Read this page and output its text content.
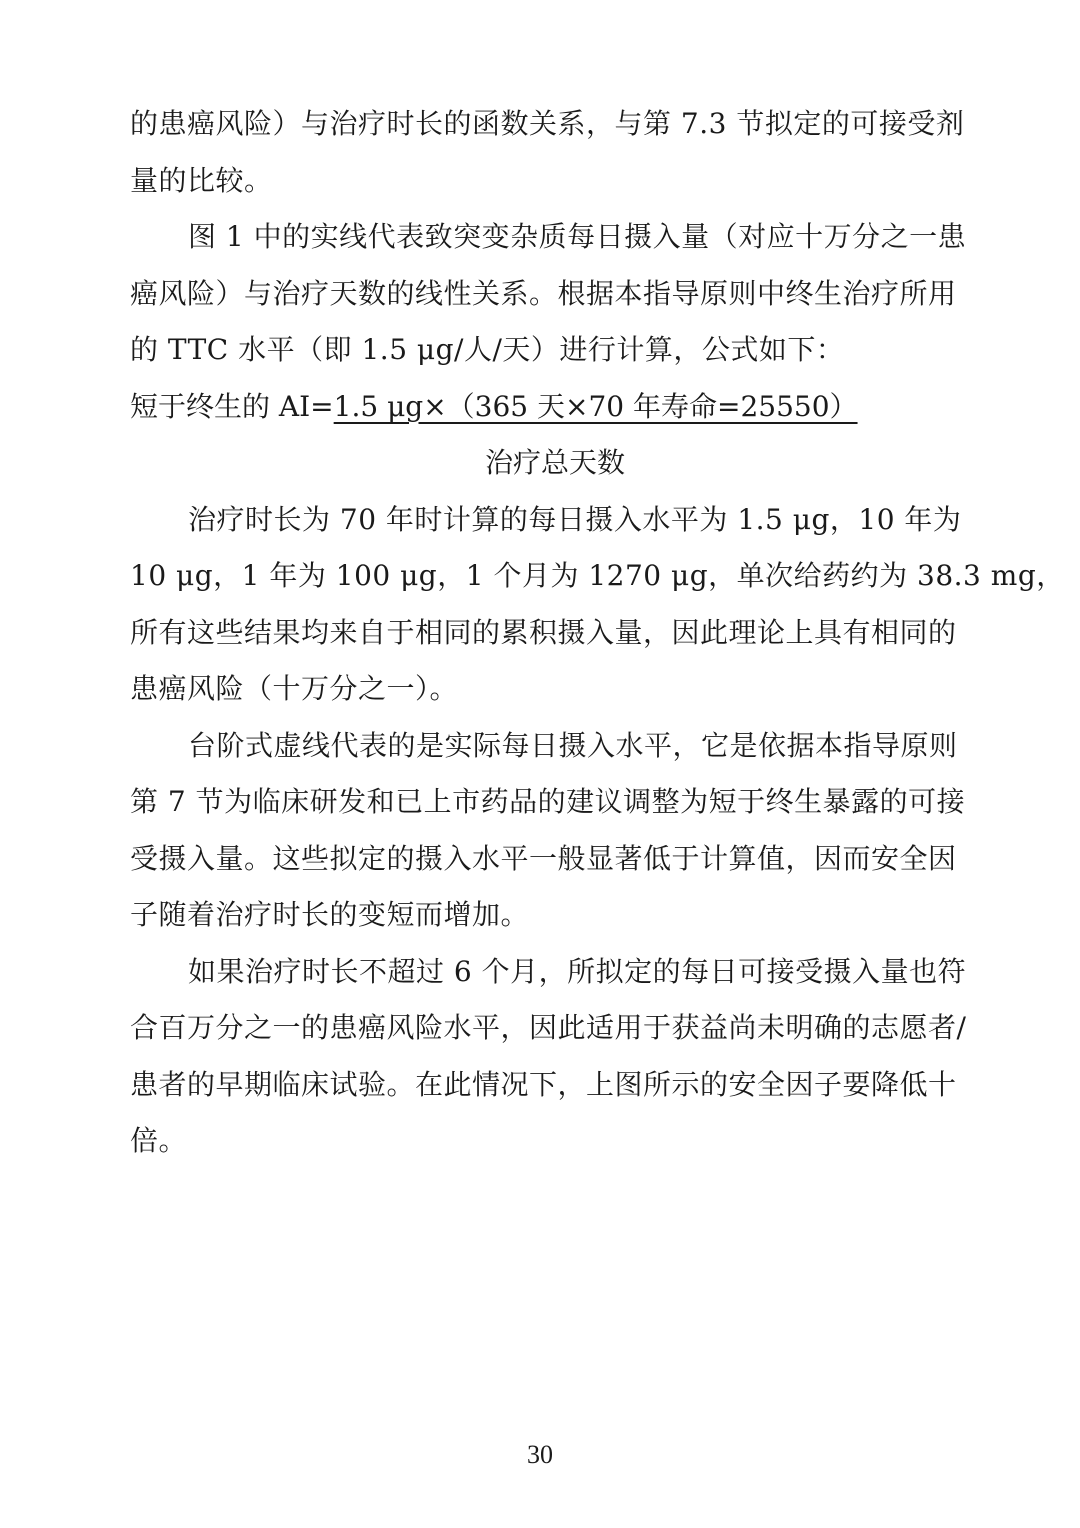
的患癌风险）与治疗时长的函数关系，与第 7.3 节拟定的可接受剂
量的比较。
图 1 中的实线代表致突变杂质每日摄入量（对应十万分之一患
癌风险）与治疗天数的线性关系。根据本指导原则中终生治疗所用
的 TTC 水平（即 1.5 μg/人/天）进行计算，公式如下：
短于终生的 AI=1.5 μg×（365 天×70 年寿命=25550）
治疗总天数
治疗时长为 70 年时计算的每日摄入水平为 1.5 μg，10 年为
10 μg，1 年为 100 μg，1 个月为 1270 μg，单次给药约为 38.3 mg，
所有这些结果均来自于相同的累积摄入量，因此理论上具有相同的
患癌风险（十万分之一）。
台阶式虚线代表的是实际每日摄入水平，它是依据本指导原则
第 7 节为临床研发和已上市药品的建议调整为短于终生暴露的可接
受摄入量。这些拟定的摄入水平一般显著低于计算值，因而安全因
子随着治疗时长的变短而增加。
如果治疗时长不超过 6 个月，所拟定的每日可接受摄入量也符
合百万分之一的患癌风险水平，因此适用于获益尚未明确的志愿者/
患者的早期临床试验。在此情况下，上图所示的安全因子要降低十
倍。
30
